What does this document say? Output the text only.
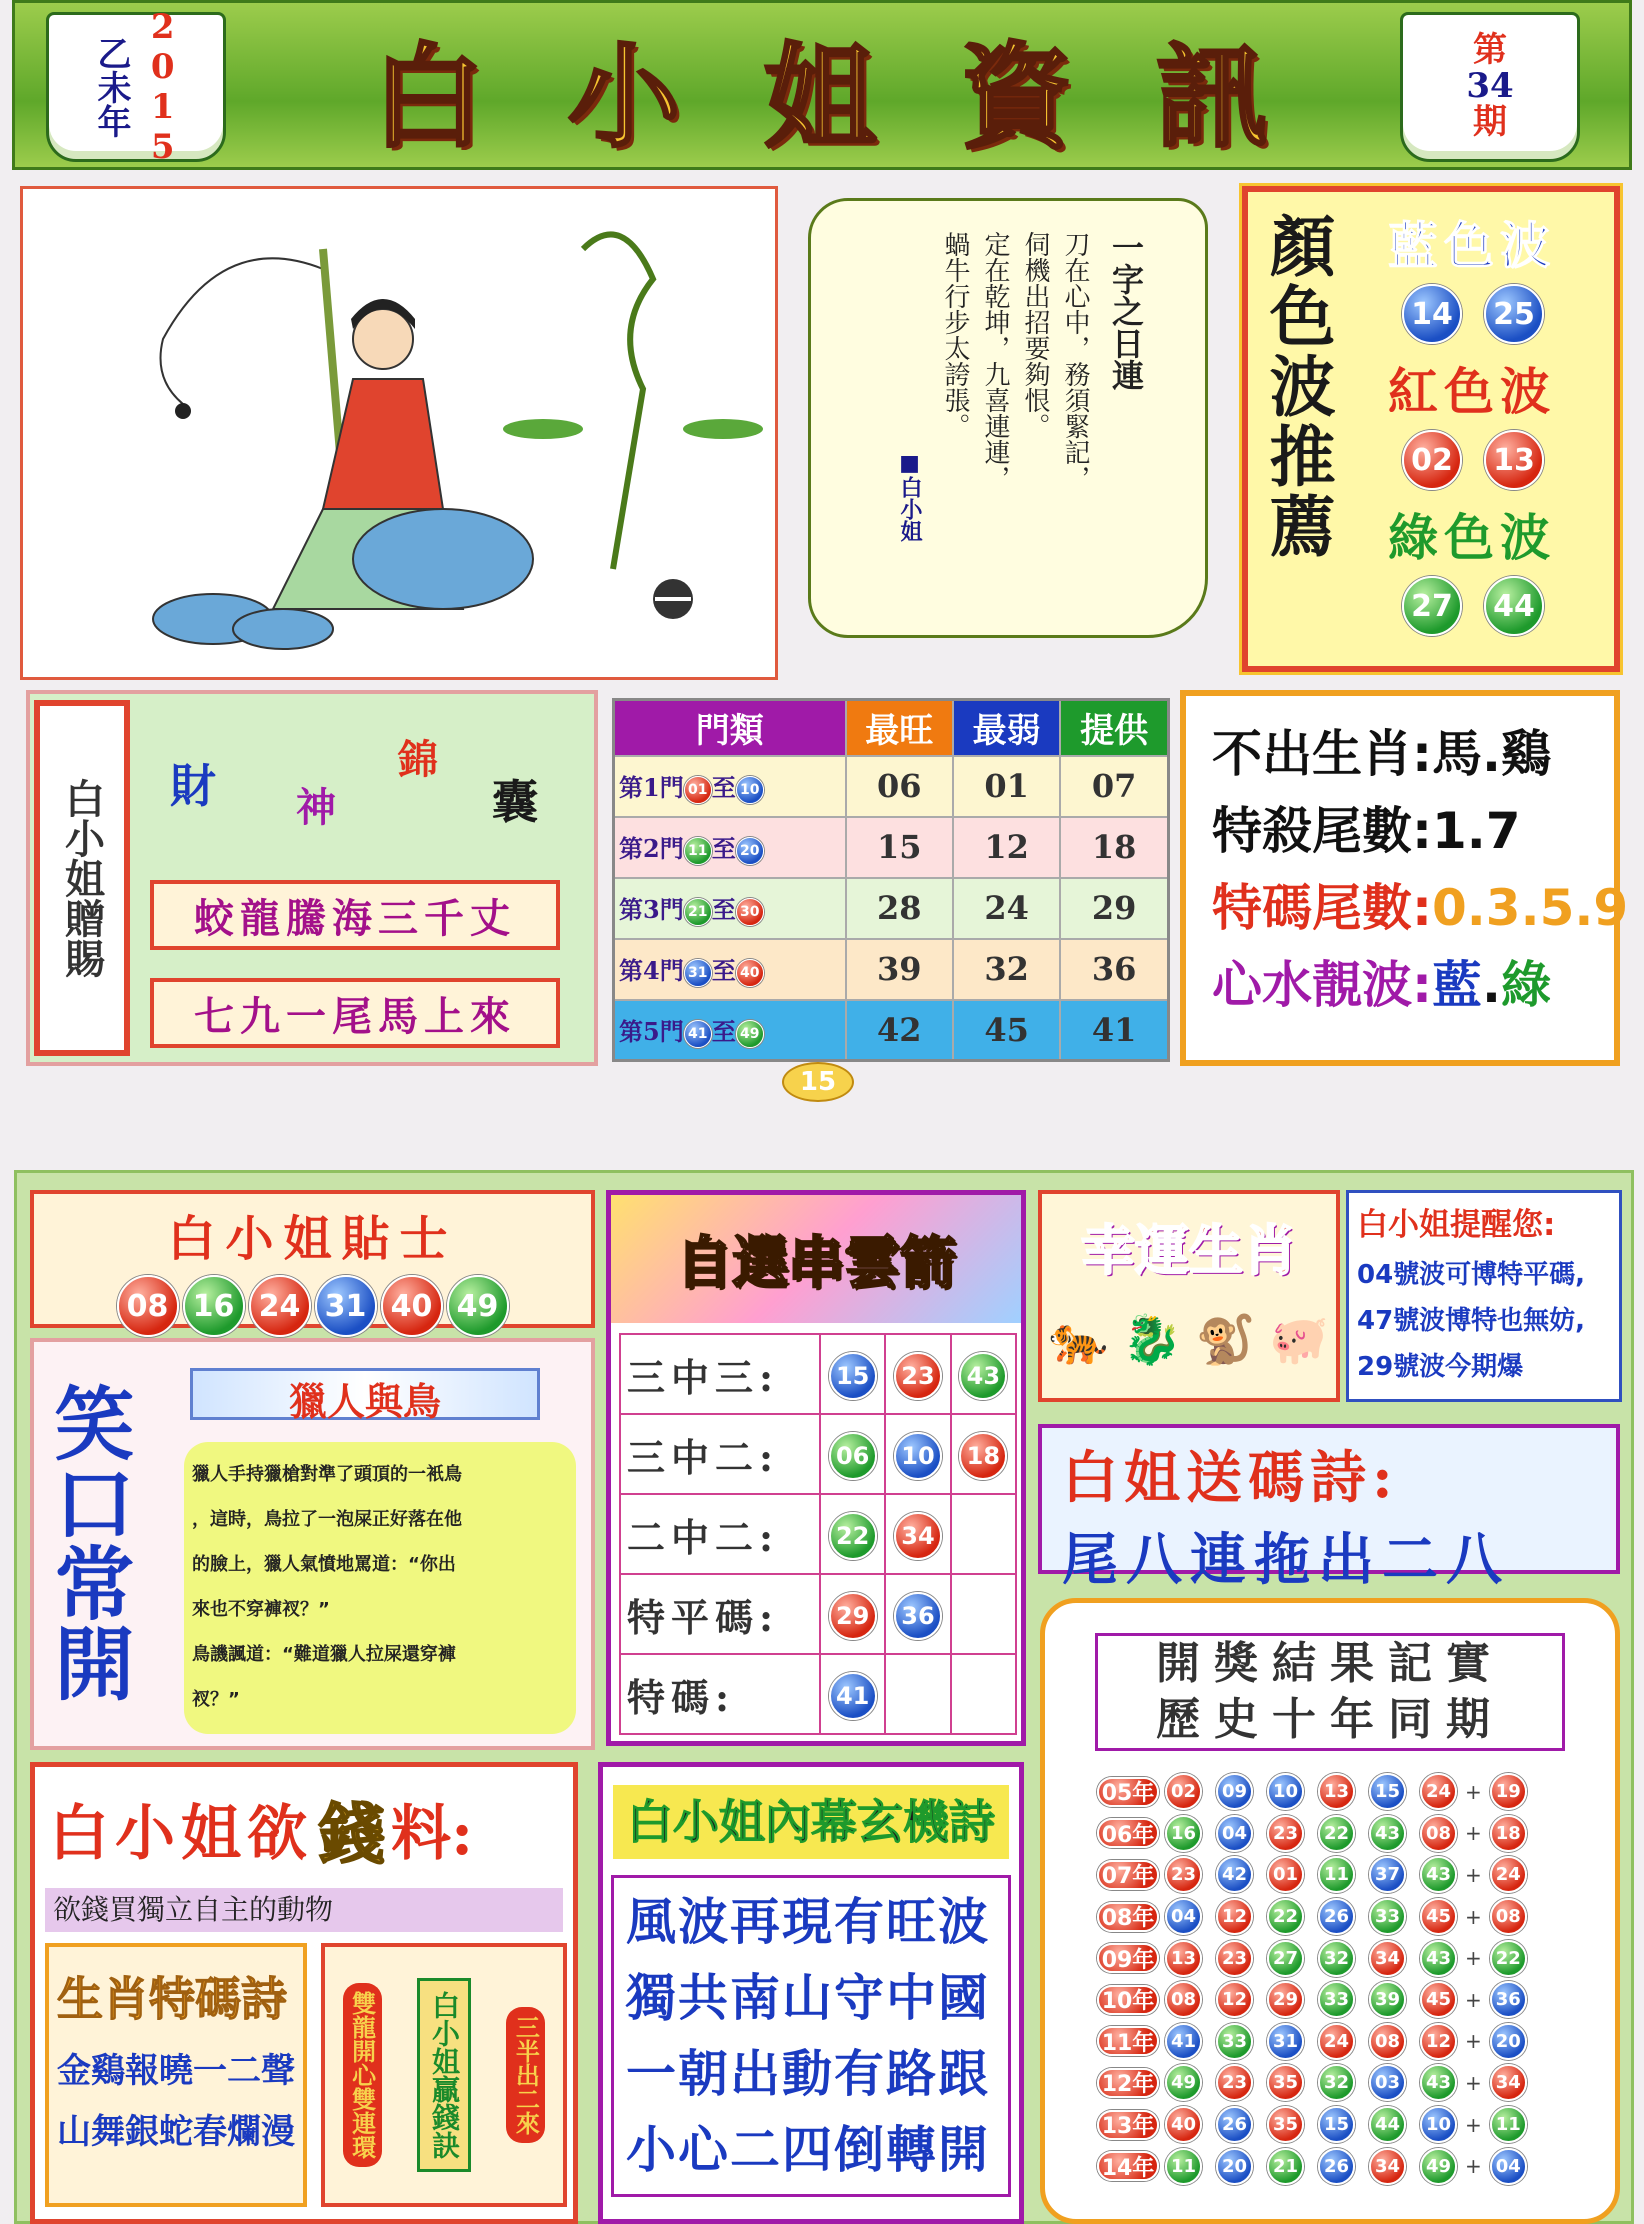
乙未年 2015 白 小 姐 資 訊	第
34
期
一字之日連
刀在心中，務須緊記，
伺機出招要夠恨。
定在乾坤，九喜連連，
蝸牛行步太誇張。
■白小姐	顏色波推薦 藍色波
14	25
紅色波
02	13
綠色波
27	44
白小姐贈賜 財 神
錦
囊
蛟龍騰海三千丈
七九一尾馬上來
門類	最旺	最弱	提供
第1門 01 至 10	06	01	07
第2門 11 至 20	15	12	18
第3門 21 至 30	28	24	29
第4門 31 至 40	39	32	36
第5門 41 至 49	42	45	41
不出生肖:馬.鷄
特殺尾數:1.7
特碼尾數:0.3.5.9
心水靚波:藍.綠
15
白小姐貼士
08 16 24 31 40 49
笑口常開	獵人與鳥
獵人手持獵槍對準了頭頂的一衹鳥
，這時，鳥拉了一泡屎正好落在他
的臉上，獵人氣憤地罵道：“你出
來也不穿褲衩？”
鳥譏諷道：“難道獵人拉屎還穿褲
衩？”
自選串雲箭
三中三:	15	23	43
三中二:	06	10	18
二中二:	22	34	
特平碼:	29	36	
特碼:	41		
幸運生肖
🐅 🐉 🐒 🐖
白小姐提醒您:
04號波可博特平碼,
47號波博特也無妨,
29號波今期爆
白姐送碼詩:
尾八連拖出二八
白小姐欲 錢 料:
欲錢買獨立自主的動物
生肖特碼詩
金鷄報曉一二聲
山舞銀蛇春爛漫 雙龍開心雙連環	白小姐贏錢訣	三半出二來
白小姐內幕玄機詩
風波再現有旺波
獨共南山守中國
一朝出動有路跟
小心二四倒轉開
開獎結果記實
歷史十年同期
05年 02	09	10	13	15	24 + 19
06年 16	04	23	22	43	08 + 18
07年 23	42	01	11	37	43 + 24
08年 04	12	22	26	33	45 + 08
09年 13	23	27	32	34	43 + 22
10年 08	12	29	33	39	45 + 36
11年 41	33	31	24	08	12 + 20
12年 49	23	35	32	03	43 + 34
13年 40	26	35	15	44	10 + 11
14年 11	20	21	26	34	49 + 04
